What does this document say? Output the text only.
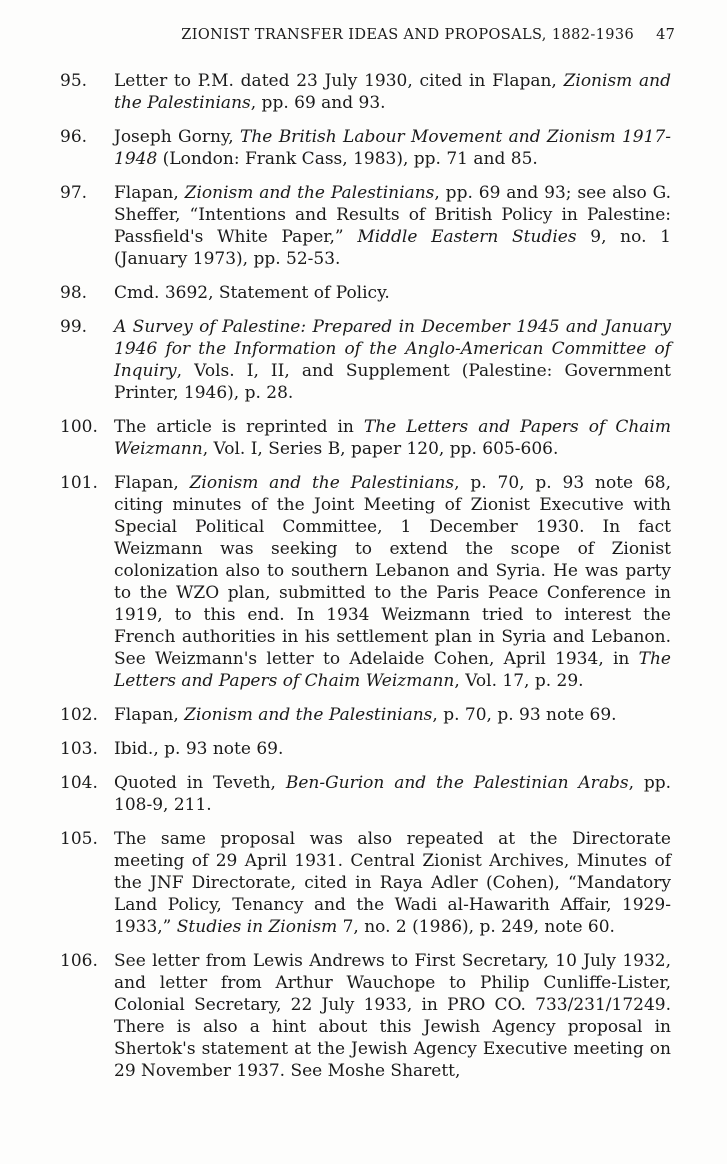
ZIONIST TRANSFER IDEAS AND PROPOSALS, 1882-1936 47
95.	Letter to P.M. dated 23 July 1930, cited in Flapan, Zionism and the Palestinians, pp. 69 and 93.

96.	Joseph Gorny, The British Labour Movement and Zionism 1917-1948 (London: Frank Cass, 1983), pp. 71 and 85.

97.	Flapan, Zionism and the Palestinians, pp. 69 and 93; see also G. Sheffer, “Intentions and Results of British Policy in Palestine: Passfield's White Paper,” Middle Eastern Studies 9, no. 1 (January 1973), pp. 52-53.

98.	Cmd. 3692, Statement of Policy.

99.	A Survey of Palestine: Prepared in December 1945 and January 1946 for the Information of the Anglo-American Committee of Inquiry, Vols. I, II, and Supplement (Palestine: Government Printer, 1946), p. 28.

100. The article is reprinted in The Letters and Papers of Chaim Weizmann, Vol. I, Series B, paper 120, pp. 605-606.

101. Flapan, Zionism and the Palestinians, p. 70, p. 93 note 68, citing minutes of the Joint Meeting of Zionist Executive with Special Political Committee, 1 December 1930. In fact Weizmann was seeking to extend the scope of Zionist colonization also to southern Lebanon and Syria. He was party to the WZO plan, submitted to the Paris Peace Conference in 1919, to this end. In 1934 Weizmann tried to interest the French authorities in his settlement plan in Syria and Lebanon. See Weizmann's letter to Adelaide Cohen, April 1934, in The Letters and Papers of Chaim Weizmann, Vol. 17, p. 29.

102. Flapan, Zionism and the Palestinians, p. 70, p. 93 note 69.

103. Ibid., p. 93 note 69.

104. Quoted in Teveth, Ben-Gurion and the Palestinian Arabs, pp. 108-9, 211.

105. The same proposal was also repeated at the Directorate meeting of 29 April 1931. Central Zionist Archives, Minutes of the JNF Directorate, cited in Raya Adler (Cohen), “Mandatory Land Policy, Tenancy and the Wadi al-Hawarith Affair, 1929-1933,” Studies in Zionism 7, no. 2 (1986), p. 249, note 60.

106. See letter from Lewis Andrews to First Secretary, 10 July 1932, and letter from Arthur Wauchope to Philip Cunliffe-Lister, Colonial Secretary, 22 July 1933, in PRO CO. 733/231/17249. There is also a hint about this Jewish Agency proposal in Shertok's statement at the Jewish Agency Executive meeting on 29 November 1937. See Moshe Sharett,
